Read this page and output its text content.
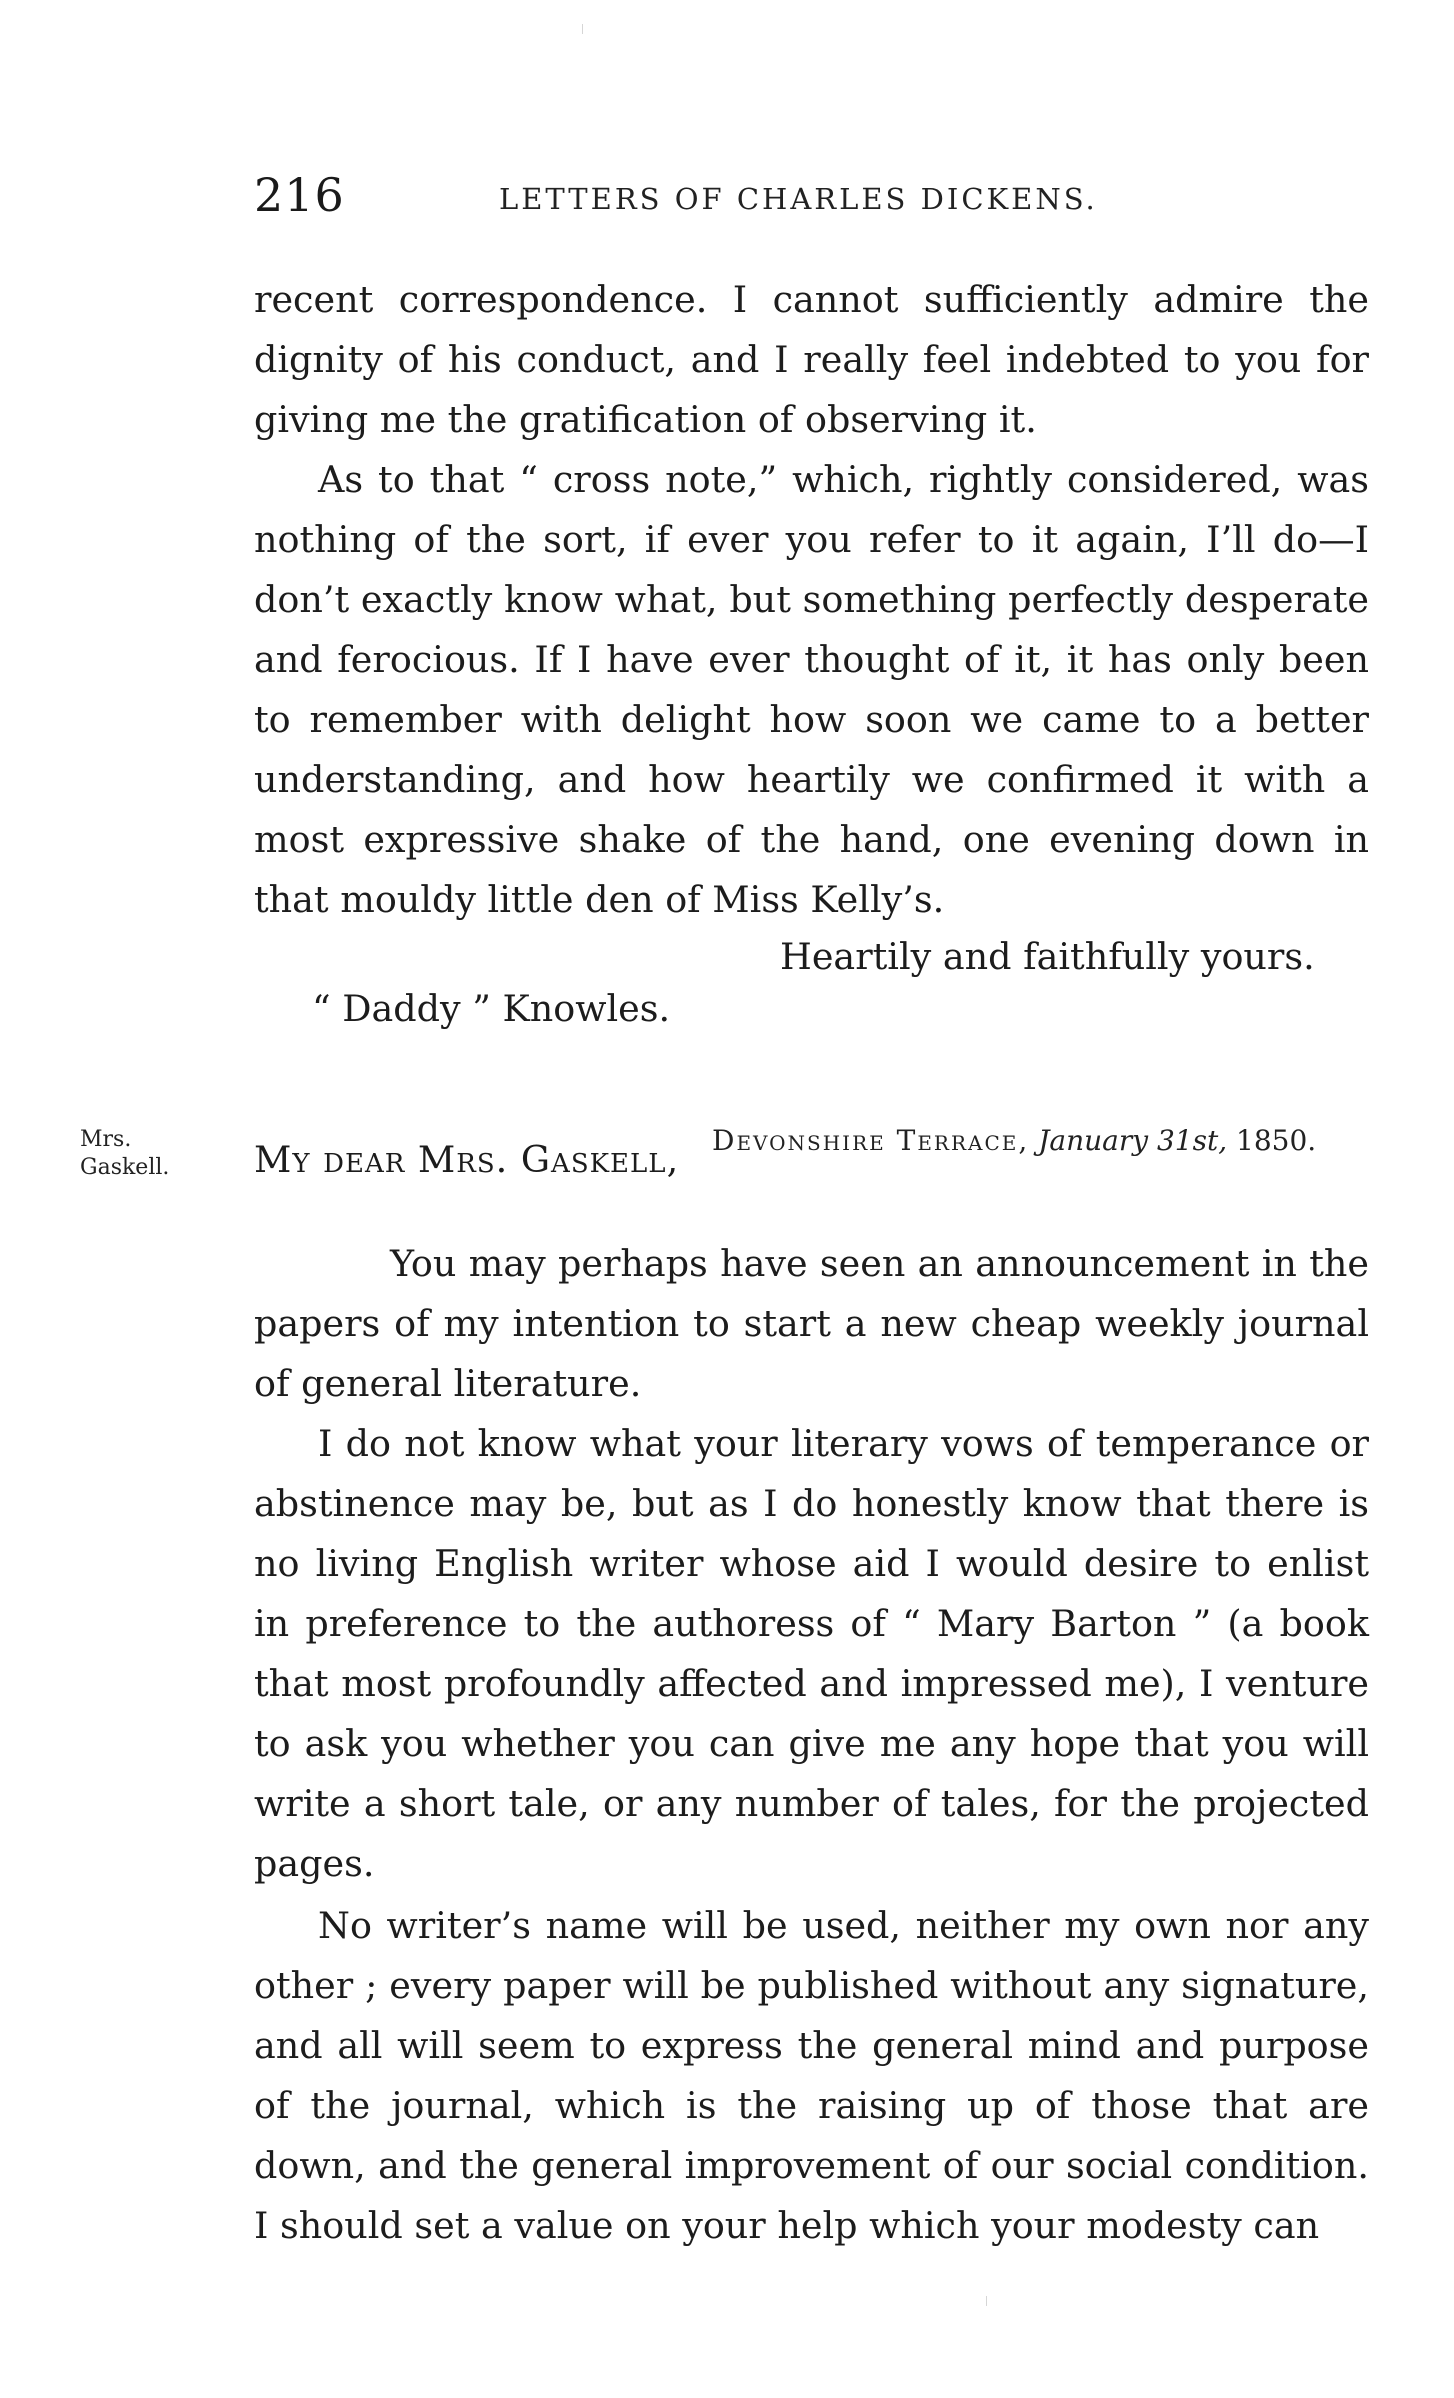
216	LETTERS OF CHARLES DICKENS.

recent correspondence. I cannot sufficiently admire the dignity of his conduct, and I really feel indebted to you for giving me the gratification of observing it.

As to that “ cross note,” which, rightly considered, was nothing of the sort, if ever you refer to it again, I’ll do—I don’t exactly know what, but something perfectly desperate and ferocious. If I have ever thought of it, it has only been to remember with delight how soon we came to a better understanding, and how heartily we confirmed it with a most expressive shake of the hand, one evening down in that mouldy little den of Miss Kelly’s.

Heartily and faithfully yours.
“ Daddy ” Knowles.
Mrs.
Gaskell.
Devonshire Terrace, January 31st, 1850.
My dear Mrs. Gaskell,

You may perhaps have seen an announcement in the papers of my intention to start a new cheap weekly journal of general literature.

I do not know what your literary vows of temperance or abstinence may be, but as I do honestly know that there is no living English writer whose aid I would desire to enlist in preference to the authoress of “ Mary Barton ” (a book that most profoundly affected and impressed me), I venture to ask you whether you can give me any hope that you will write a short tale, or any number of tales, for the projected pages.

No writer’s name will be used, neither my own nor any other ; every paper will be published without any signature, and all will seem to express the general mind and purpose of the journal, which is the raising up of those that are down, and the general improvement of our social condition. I should set a value on your help which your modesty can
